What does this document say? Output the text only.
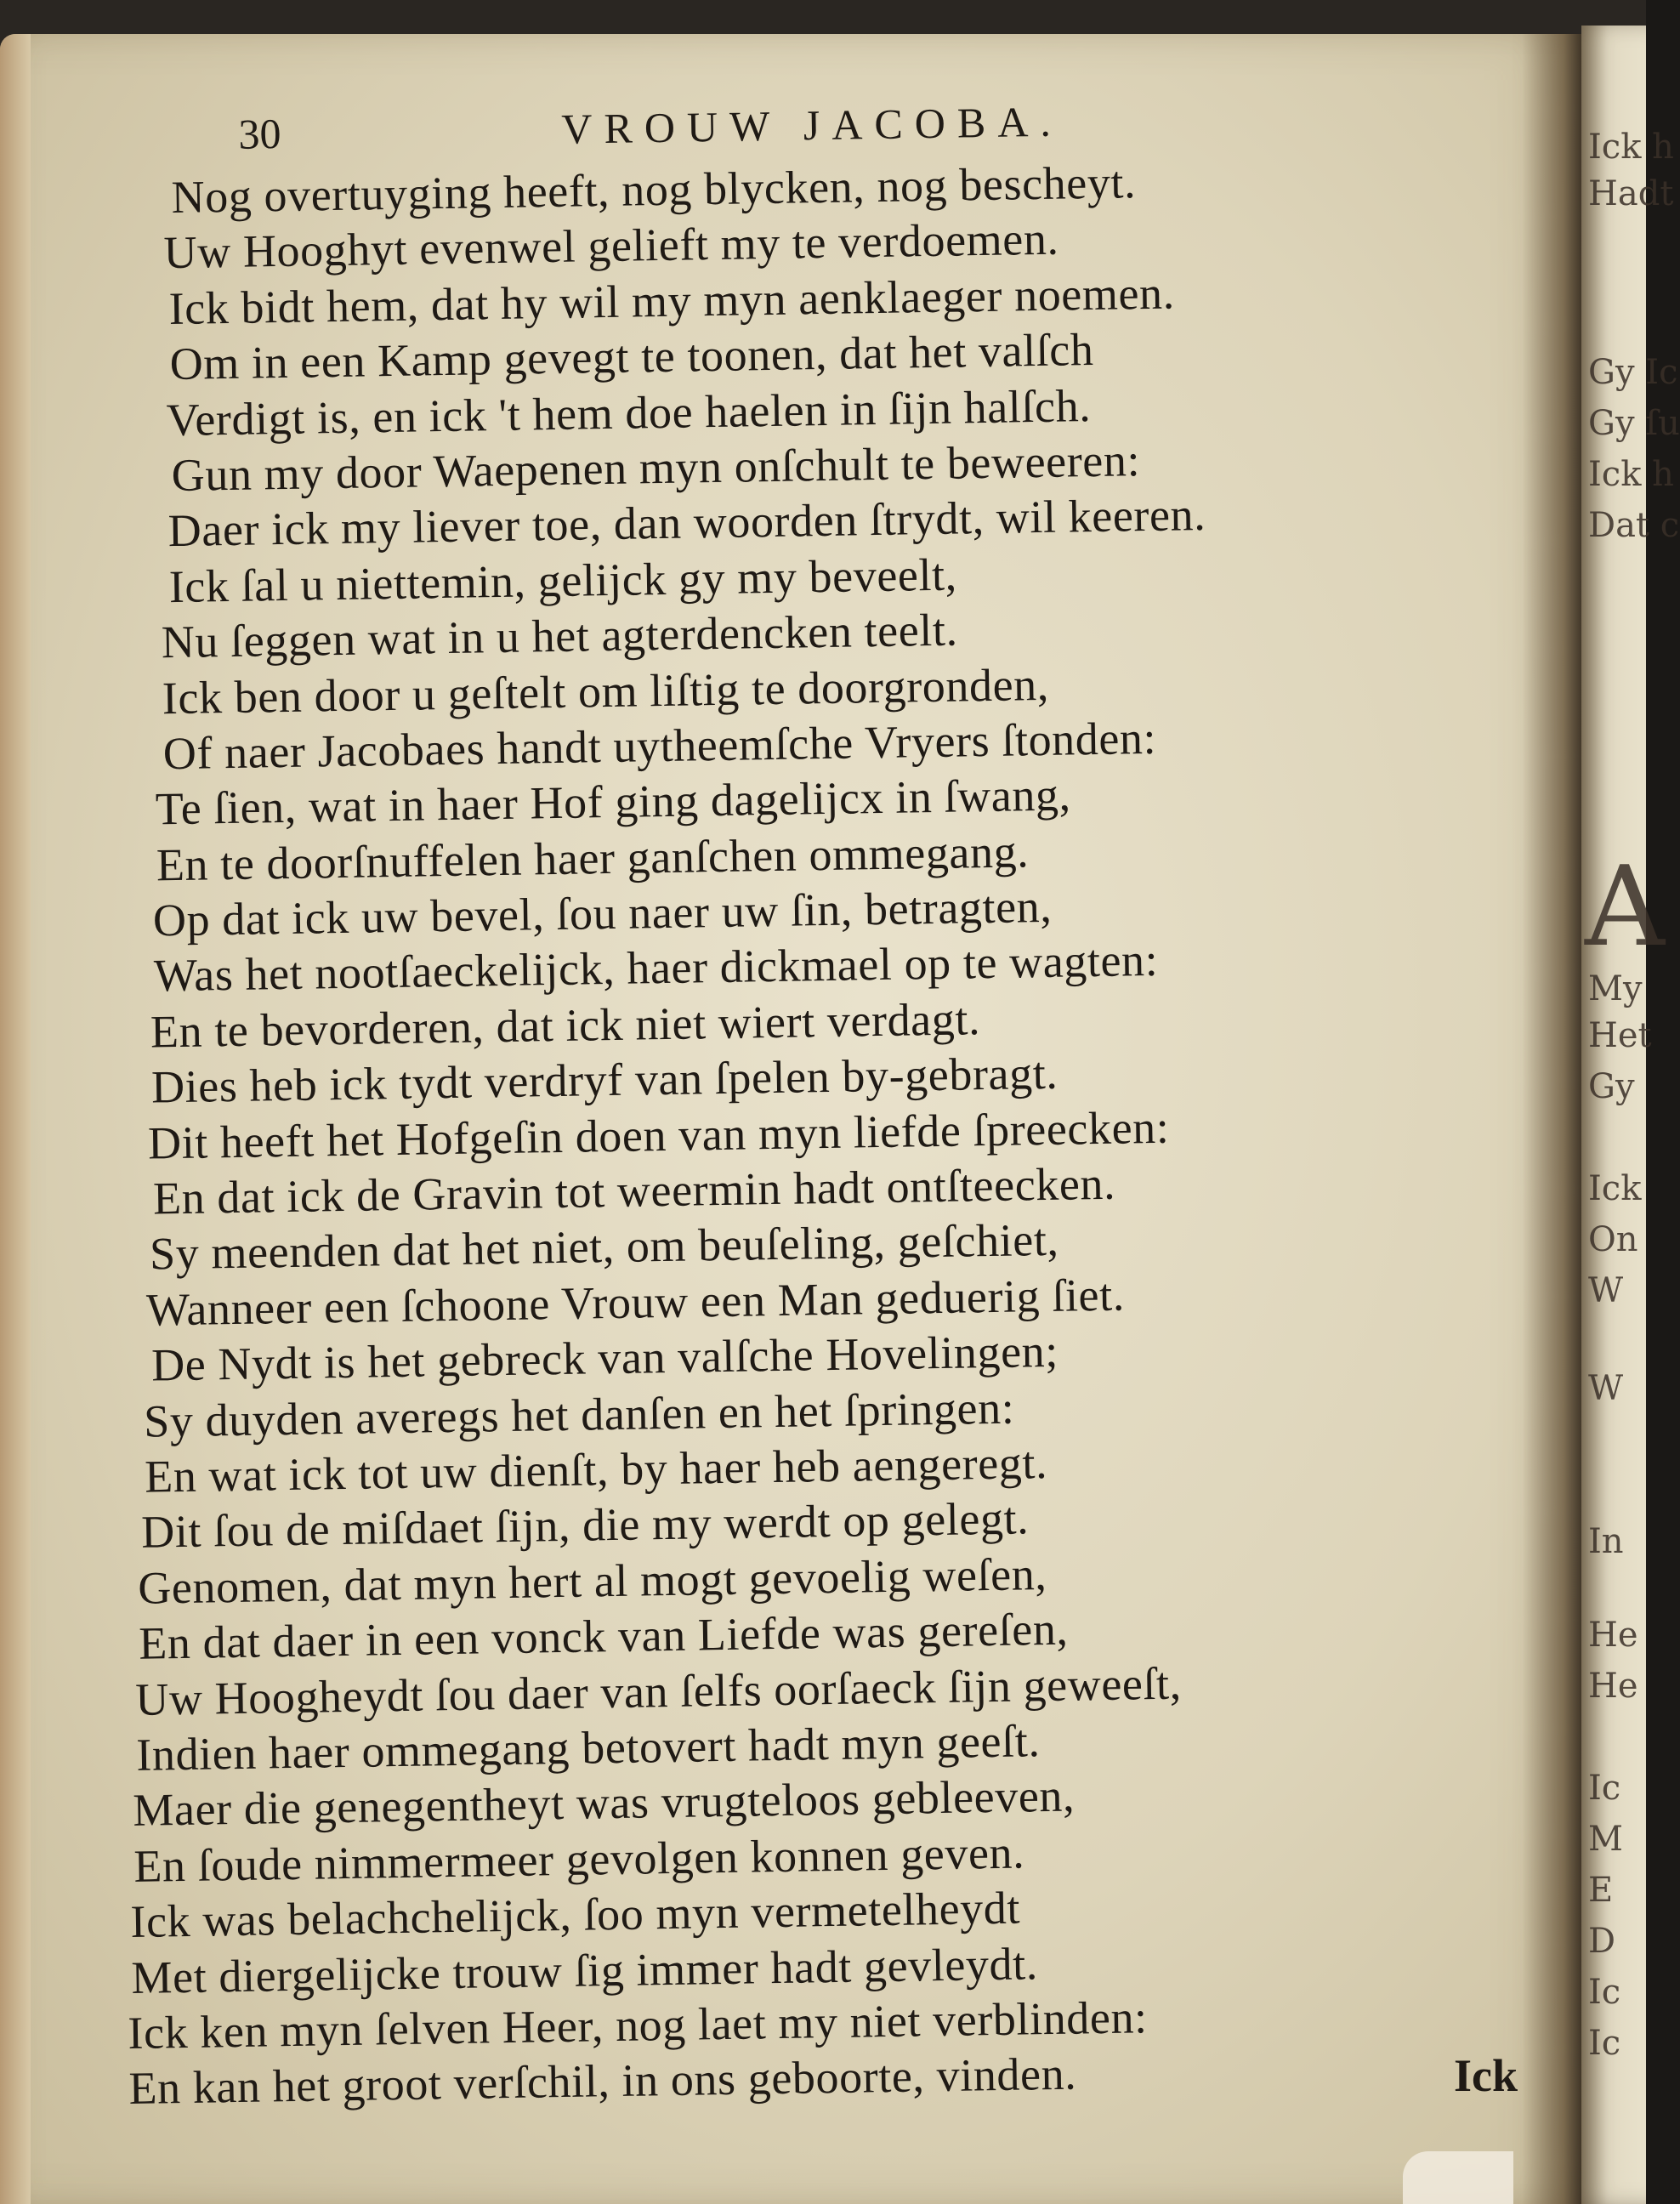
Ick h
Hadt
Gy Ic
Gy ſu
Ick h
Dat c
A
My
Het
Gy
Ick
On
W
W
In
He
He
Ic
M
E
D
Ic
Ic
30	VROUW JACOBA.
Nog overtuyging heeft, nog blycken, nog bescheyt.
Uw Hooghyt evenwel gelieft my te verdoemen.
Ick bidt hem, dat hy wil my myn aenklaeger noemen.
Om in een Kamp gevegt te toonen, dat het valſch
Verdigt is, en ick 't hem doe haelen in ſijn halſch.
Gun my door Waepenen myn onſchult te beweeren:
Daer ick my liever toe, dan woorden ſtrydt, wil keeren.
Ick ſal u niettemin, gelijck gy my beveelt,
Nu ſeggen wat in u het agterdencken teelt.
Ick ben door u geſtelt om liſtig te doorgronden,
Of naer Jacobaes handt uytheemſche Vryers ſtonden:
Te ſien, wat in haer Hof ging dagelijcx in ſwang,
En te doorſnuffelen haer ganſchen ommegang.
Op dat ick uw bevel, ſou naer uw ſin, betragten,
Was het nootſaeckelijck, haer dickmael op te wagten:
En te bevorderen, dat ick niet wiert verdagt.
Dies heb ick tydt verdryf van ſpelen by-gebragt.
Dit heeft het Hofgeſin doen van myn liefde ſpreecken:
En dat ick de Gravin tot weermin hadt ontſteecken.
Sy meenden dat het niet, om beuſeling, geſchiet,
Wanneer een ſchoone Vrouw een Man geduerig ſiet.
De Nydt is het gebreck van valſche Hovelingen;
Sy duyden averegs het danſen en het ſpringen:
En wat ick tot uw dienſt, by haer heb aengeregt.
Dit ſou de miſdaet ſijn, die my werdt op gelegt.
Genomen, dat myn hert al mogt gevoelig weſen,
En dat daer in een vonck van Liefde was gereſen,
Uw Hoogheydt ſou daer van ſelfs oorſaeck ſijn geweeſt,
Indien haer ommegang betovert hadt myn geeſt.
Maer die genegentheyt was vrugteloos gebleeven,
En ſoude nimmermeer gevolgen konnen geven.
Ick was belachchelijck, ſoo myn vermetelheydt
Met diergelijcke trouw ſig immer hadt gevleydt.
Ick ken myn ſelven Heer, nog laet my niet verblinden:
En kan het groot verſchil, in ons geboorte, vinden.	Ick
